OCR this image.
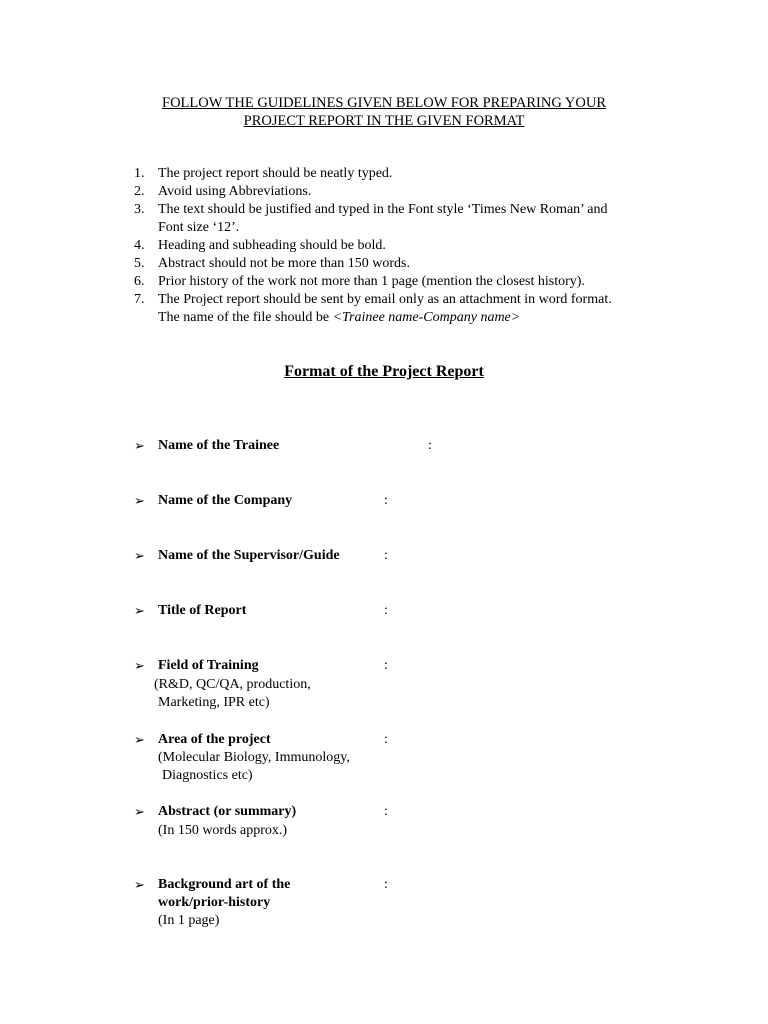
FOLLOW THE GUIDELINES GIVEN BELOW FOR PREPARING YOUR
PROJECT REPORT IN THE GIVEN FORMAT
1. The project report should be neatly typed.
2. Avoid using Abbreviations.
3. The text should be justified and typed in the Font style ‘Times New Roman’ and
Font size ‘12’.
4. Heading and subheading should be bold.
5. Abstract should not be more than 150 words.
6. Prior history of the work not more than 1 page (mention the closest history).
7. The Project report should be sent by email only as an attachment in word format.
The name of the file should be <Trainee name-Company name>
Format of the Project Report
➢ Name of the Trainee	:
➢ Name of the Company	:
➢ Name of the Supervisor/Guide	:
➢ Title of Report	:
➢ Field of Training	:
(R&D, QC/QA, production,
Marketing, IPR etc)
➢ Area of the project	:
(Molecular Biology, Immunology,
Diagnostics etc)
➢ Abstract (or summary)	:
(In 150 words approx.)
➢ Background art of the
work/prior-history
:
(In 1 page)
